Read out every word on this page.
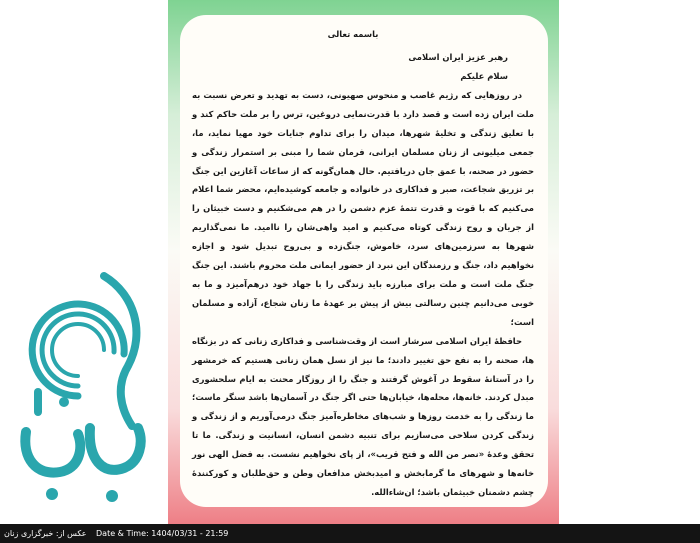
باسمه تعالی
رهبر عزیز ایران اسلامی
سلام علیکم

در روزهایی که رژیم غاصب و منحوس صهیونی، دست به تهدید و تعرض نسبت به ملت ایران زده است و قصد دارد با قدرت‌نمایی دروغین، ترس را بر ملت حاکم کند و با تعلیق زندگی و تخلیهٔ شهرها، میدان را برای تداوم جنایات خود مهیا نماید، ما، جمعی میلیونی از زنان مسلمان ایرانی، فرمان شما را مبنی بر استمرار زندگی و حضور در صحنه، با عمق جان دریافتیم. حال همان‌گونه که از ساعات آغازین این جنگ بر تزریق شجاعت، صبر و فداکاری در خانواده و جامعه کوشیده‌ایم، محضر شما اعلام می‌کنیم که با قوت و قدرت تتمهٔ عزم دشمن را در هم می‌شکنیم و دست خبیثان را از جریان و روح زندگی کوتاه می‌کنیم و امید واهی‌شان را ناامید. ما نمی‌گذاریم شهرها به سرزمین‌های سرد، خاموش، جنگ‌زده و بی‌روح تبدیل شود و اجازه نخواهیم داد، جنگ و رزمندگان این نبرد از حضور ایمانی ملت محروم باشند. این جنگ جنگ ملت است و ملت برای مبارزه باید زندگی را با جهاد خود درهم‌آمیزد و ما به خوبی می‌دانیم چنین رسالتی بیش از پیش بر عهدهٔ ما زنان شجاع، آزاده و مسلمان است؛

حافظهٔ ایران اسلامی سرشار است از وقت‌شناسی و فداکاری زنانی که در بزنگاه ها، صحنه را به نفع حق تغییر دادند؛ ما نیز از نسل همان زنانی هستیم که خرمشهر را در آستانهٔ سقوط در آغوش گرفتند و جنگ را از روزگار محنت به ایام سلحشوری مبدل کردند. خانه‌ها، محله‌ها، خیابان‌ها حتی اگر جنگ در آسمان‌ها باشد سنگر ماست؛ ما زندگی را به خدمت روزها و شب‌های مخاطره‌آمیز جنگ درمی‌آوریم و از زندگی و زندگی کردن سلاحی می‌سازیم برای تنبیه دشمن انسان، انسانیت و زندگی. ما تا تحقق وعدهٔ «نصر من الله و فتح قریب»، از پای نخواهیم نشست. به فضل الهی نور خانه‌ها و شهرهای ما گرمابخش و امیدبخش مدافعان وطن و حق‌طلبان و کورکنندهٔ چشم دشمنان خبیثمان باشد؛ ان‌شاءالله.

عکس از: خبرگزاری زنان Date & Time: 1404/03/31 - 21:59
